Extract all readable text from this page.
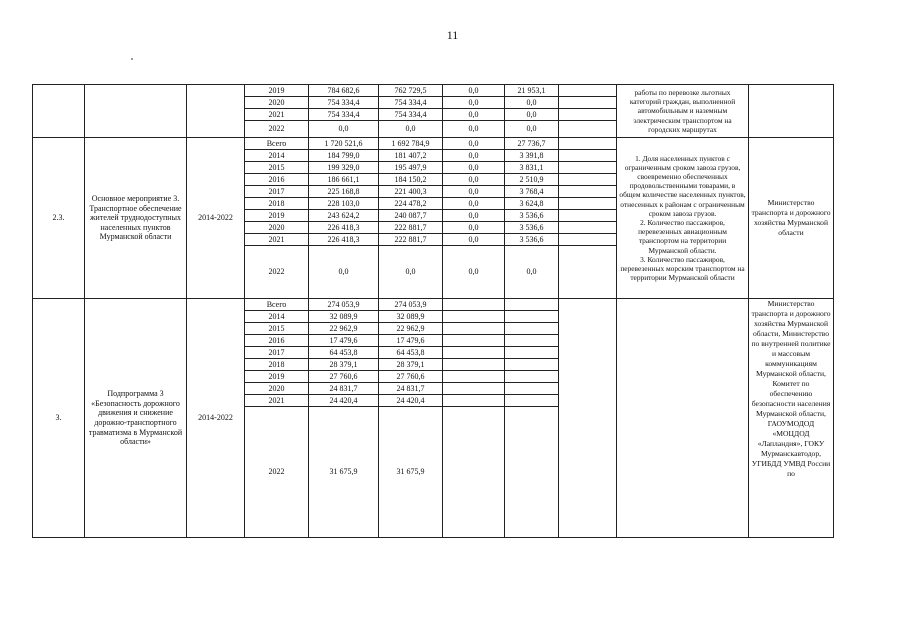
11
			2019	784 682,6	762 729,5	0,0	21 953,1		работы по перевозке льготных категорий граждан, выполненной автомобильным и наземным электрическим транспортом на городских маршрутах	
			2020	754 334,4	754 334,4	0,0	0,0			
			2021	754 334,4	754 334,4	0,0	0,0			
			2022	0,0	0,0	0,0	0,0			
2.3.	Основное мероприятие 3. Транспортное обеспечение жителей труднодоступных населенных пунктов Мурманской области	2014-2022	Всего	1 720 521,6	1 692 784,9	0,0	27 736,7		1. Доля населенных пунктов с ограниченным сроком завоза грузов, своевременно обеспеченных продовольственными товарами, в общем количестве населенных пунктов, отнесенных к районам с ограниченным сроком завоза грузов.
2. Количество пассажиров, перевезенных авиационным транспортом на территории Мурманской области.
3. Количество пассажиров, перевезенных морским транспортом на территории Мурманской области	Министерство транспорта и дорожного хозяйства Мурманской области
			2014	184 799,0	181 407,2	0,0	3 391,8			
			2015	199 329,0	195 497,9	0,0	3 831,1			
			2016	186 661,1	184 150,2	0,0	2 510,9			
			2017	225 168,8	221 400,3	0,0	3 768,4			
			2018	228 103,0	224 478,2	0,0	3 624,8			
			2019	243 624,2	240 087,7	0,0	3 536,6			
			2020	226 418,3	222 881,7	0,0	3 536,6			
			2021	226 418,3	222 881,7	0,0	3 536,6			
			2022	0,0	0,0	0,0	0,0			
3.	Подпрограмма 3 «Безопасность дорожного движения и снижение дорожно-транспортного травматизма в Мурманской области»	2014-2022	Всего	274 053,9	274 053,9					Министерство транспорта и дорожного хозяйства Мурманской области, Министерство по внутренней политике и массовым коммуникациям Мурманской области, Комитет по обеспечению безопасности населения Мурманской области, ГАОУМОДОД «МОЦДОД «Лапландия», ГОКУ Мурманскавтодор, УГИБДД УМВД России по
			2014	32 089,9	32 089,9					
			2015	22 962,9	22 962,9					
			2016	17 479,6	17 479,6					
			2017	64 453,8	64 453,8					
			2018	28 379,1	28 379,1					
			2019	27 760,6	27 760,6					
			2020	24 831,7	24 831,7					
			2021	24 420,4	24 420,4					
			2022	31 675,9	31 675,9					
